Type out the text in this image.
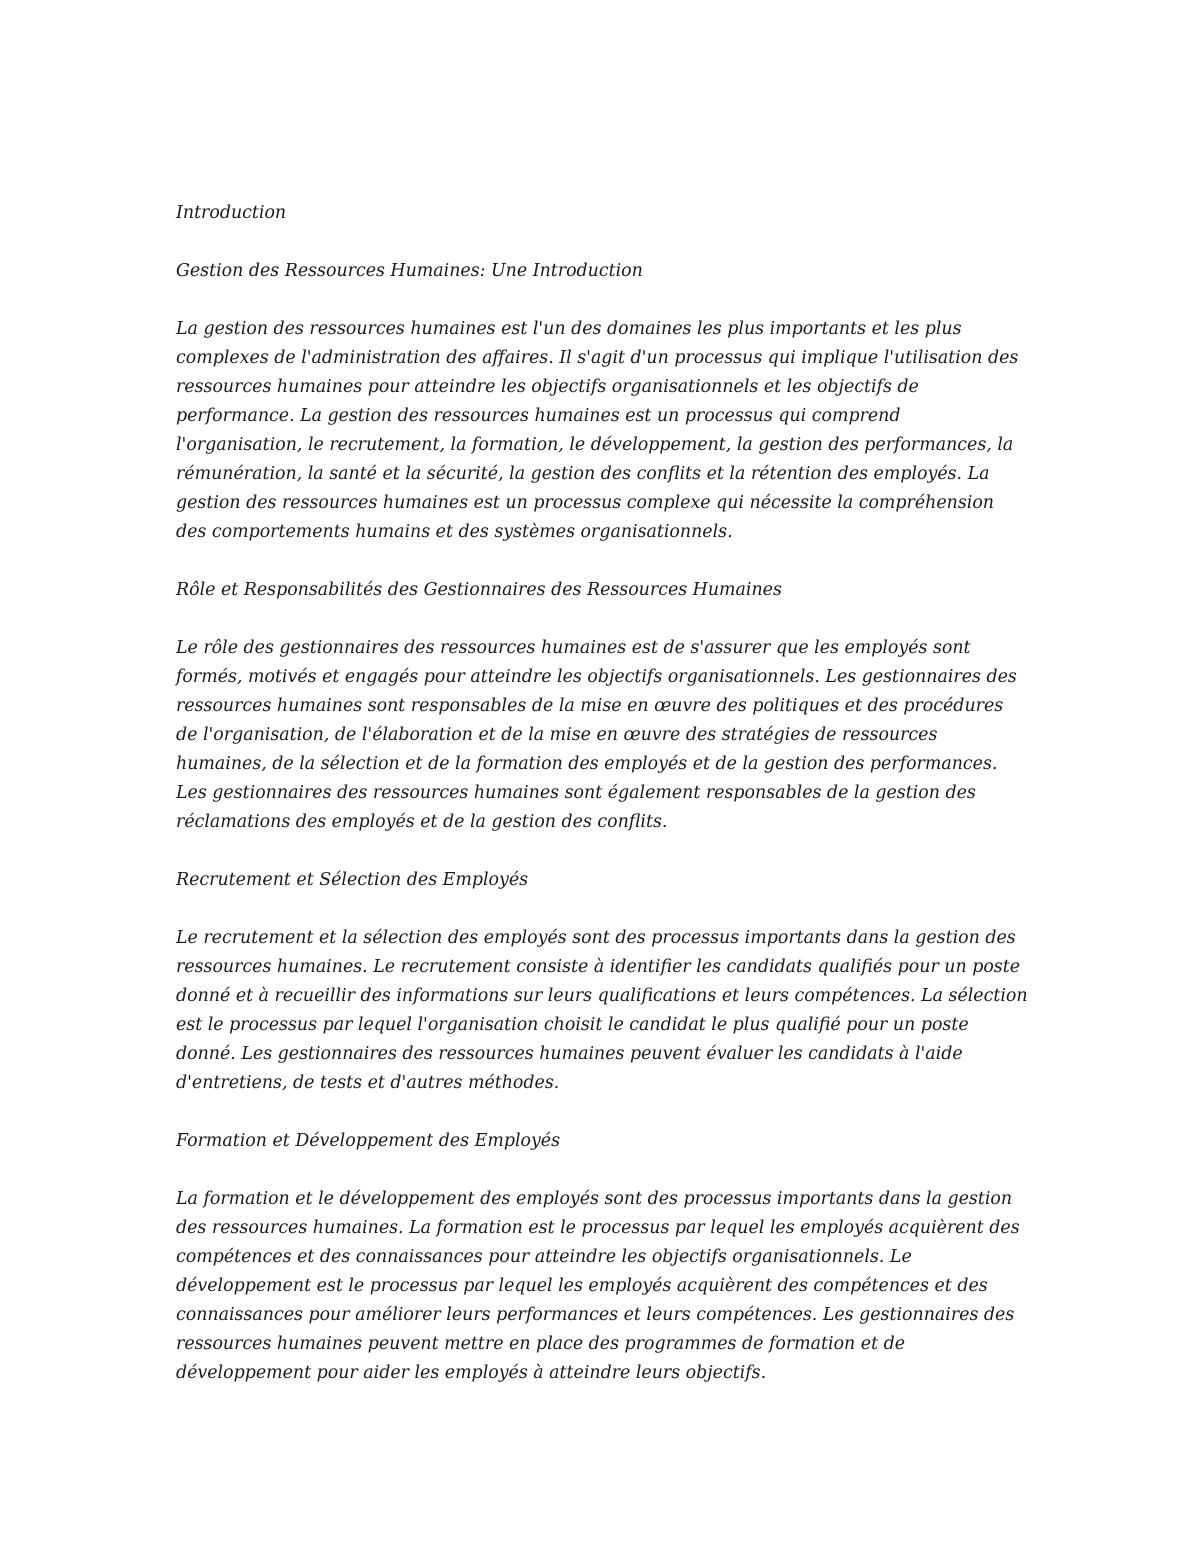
Introduction

Gestion des Ressources Humaines: Une Introduction

La gestion des ressources humaines est l'un des domaines les plus importants et les plus complexes de l'administration des affaires. Il s'agit d'un processus qui implique l'utilisation des ressources humaines pour atteindre les objectifs organisationnels et les objectifs de performance. La gestion des ressources humaines est un processus qui comprend l'organisation, le recrutement, la formation, le développement, la gestion des performances, la rémunération, la santé et la sécurité, la gestion des conflits et la rétention des employés. La gestion des ressources humaines est un processus complexe qui nécessite la compréhension des comportements humains et des systèmes organisationnels.

Rôle et Responsabilités des Gestionnaires des Ressources Humaines

Le rôle des gestionnaires des ressources humaines est de s'assurer que les employés sont formés, motivés et engagés pour atteindre les objectifs organisationnels. Les gestionnaires des ressources humaines sont responsables de la mise en œuvre des politiques et des procédures de l'organisation, de l'élaboration et de la mise en œuvre des stratégies de ressources humaines, de la sélection et de la formation des employés et de la gestion des performances. Les gestionnaires des ressources humaines sont également responsables de la gestion des réclamations des employés et de la gestion des conflits.

Recrutement et Sélection des Employés

Le recrutement et la sélection des employés sont des processus importants dans la gestion des ressources humaines. Le recrutement consiste à identifier les candidats qualifiés pour un poste donné et à recueillir des informations sur leurs qualifications et leurs compétences. La sélection est le processus par lequel l'organisation choisit le candidat le plus qualifié pour un poste donné. Les gestionnaires des ressources humaines peuvent évaluer les candidats à l'aide d'entretiens, de tests et d'autres méthodes.

Formation et Développement des Employés

La formation et le développement des employés sont des processus importants dans la gestion des ressources humaines. La formation est le processus par lequel les employés acquièrent des compétences et des connaissances pour atteindre les objectifs organisationnels. Le développement est le processus par lequel les employés acquièrent des compétences et des connaissances pour améliorer leurs performances et leurs compétences. Les gestionnaires des ressources humaines peuvent mettre en place des programmes de formation et de développement pour aider les employés à atteindre leurs objectifs.
